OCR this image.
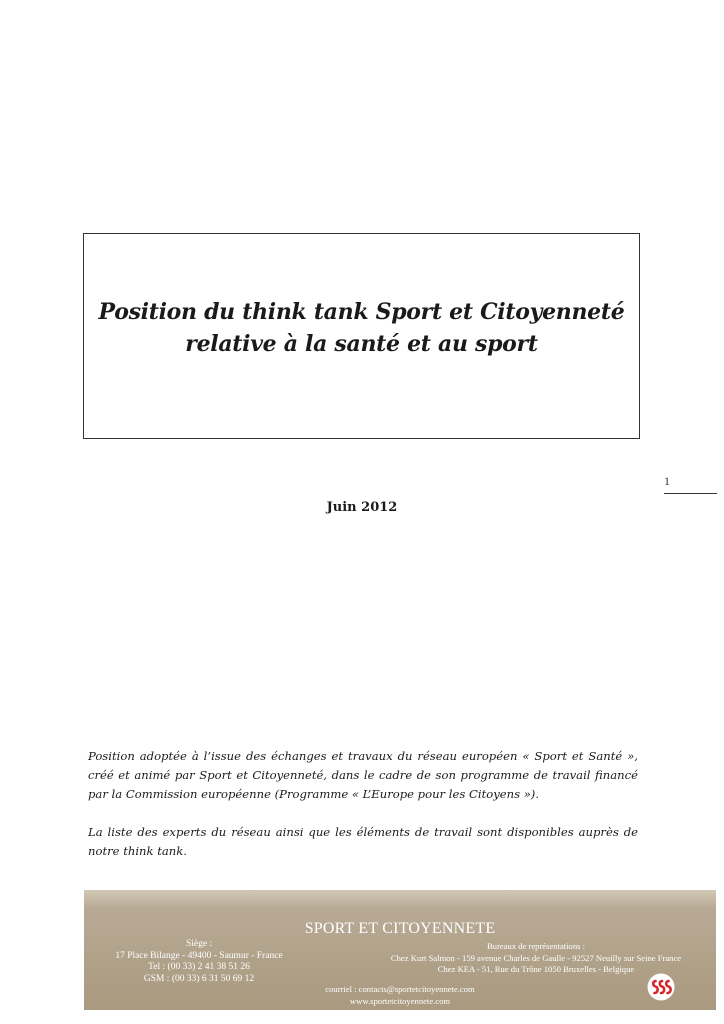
Position du think tank Sport et Citoyenneté
relative à la santé et au sport
1
Juin 2012

Position adoptée à l’issue des échanges et travaux du réseau européen « Sport et Santé », créé et animé par Sport et Citoyenneté, dans le cadre de son programme de travail financé par la Commission européenne (Programme « L’Europe pour les Citoyens »).

La liste des experts du réseau ainsi que les éléments de travail sont disponibles auprès de notre think tank.

SPORT ET CITOYENNETE
Siège :
17 Place Bilange - 49400 - Saumur - France
Tel : (00 33) 2 41 38 51 26
GSM : (00 33) 6 31 50 69 12
Bureaux de représentations :
Chez Kurt Salmon - 159 avenue Charles de Gaulle - 92527 Neuilly sur Seine France
Chez KEA - 51, Rue du Trône 1050 Bruxelles - Belgique
courriel : contacts@sportetcitoyennete.com
www.sportetcitoyennete.com
